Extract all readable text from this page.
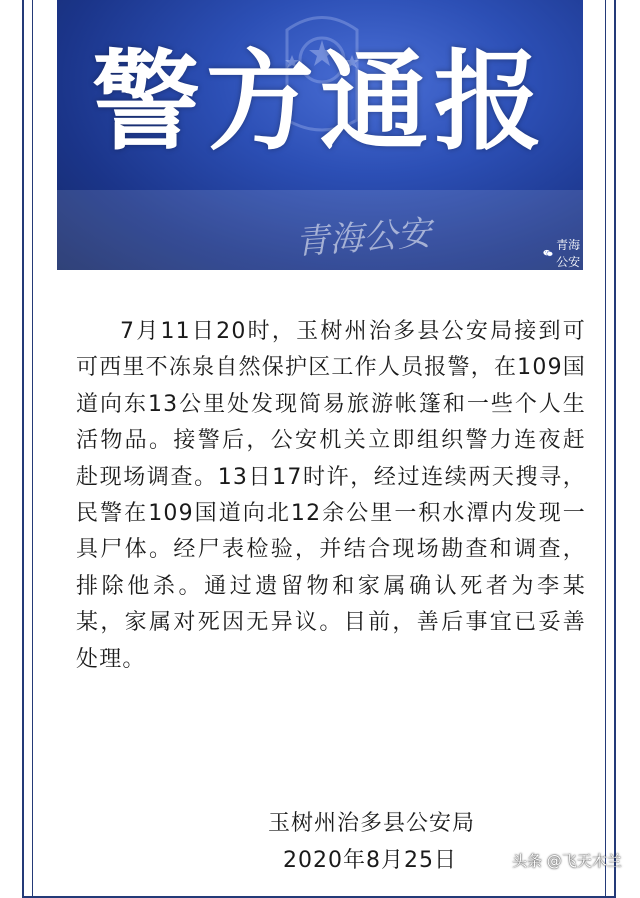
警方通报
青海公安	青海公安
7月11日20时，玉树州治多县公安局接到可可西里不冻泉自然保护区工作人员报警，在109国道向东13公里处发现简易旅游帐篷和一些个人生活物品。接警后，公安机关立即组织警力连夜赶赴现场调查。13日17时许，经过连续两天搜寻，民警在109国道向北12余公里一积水潭内发现一具尸体。经尸表检验，并结合现场勘查和调查，排除他杀。通过遗留物和家属确认死者为李某某，家属对死因无异议。目前，善后事宜已妥善处理。
玉树州治多县公安局
2020年8月25日	头条 @飞天木兰
